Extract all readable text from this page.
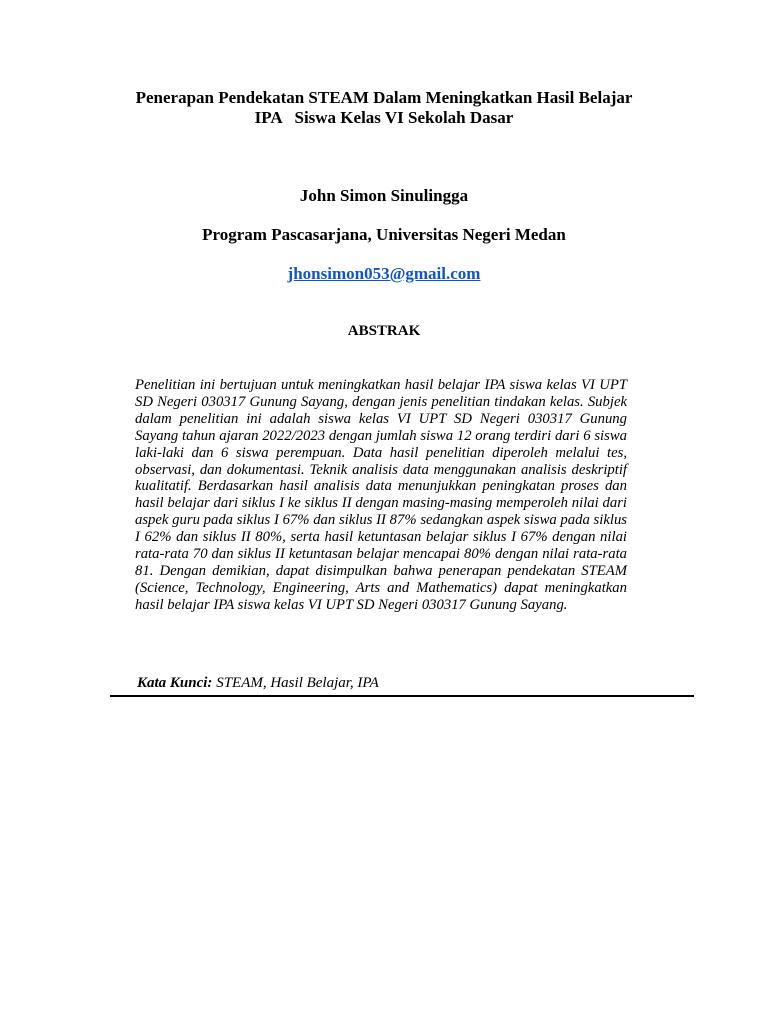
Penerapan Pendekatan STEAM Dalam Meningkatkan Hasil Belajar
IPA   Siswa Kelas VI Sekolah Dasar
John Simon Sinulingga
Program Pascasarjana, Universitas Negeri Medan
jhonsimon053@gmail.com
ABSTRAK
Penelitian ini bertujuan untuk meningkatkan hasil belajar IPA siswa kelas VI UPT SD Negeri 030317 Gunung Sayang, dengan jenis penelitian tindakan kelas. Subjek dalam penelitian ini adalah siswa kelas VI UPT SD Negeri 030317 Gunung Sayang tahun ajaran 2022/2023 dengan jumlah siswa 12 orang terdiri dari 6 siswa laki-laki dan 6 siswa perempuan. Data hasil penelitian diperoleh melalui tes, observasi, dan dokumentasi. Teknik analisis data menggunakan analisis deskriptif kualitatif. Berdasarkan hasil analisis data menunjukkan peningkatan proses dan hasil belajar dari siklus I ke siklus II dengan masing-masing memperoleh nilai dari aspek guru pada siklus I 67% dan siklus II 87% sedangkan aspek siswa pada siklus I 62% dan siklus II 80%, serta hasil ketuntasan belajar siklus I 67% dengan nilai rata-rata 70 dan siklus II ketuntasan belajar mencapai 80% dengan nilai rata-rata 81. Dengan demikian, dapat disimpulkan bahwa penerapan pendekatan STEAM (Science, Technology, Engineering, Arts and Mathematics) dapat meningkatkan hasil belajar IPA siswa kelas VI UPT SD Negeri 030317 Gunung Sayang.
Kata Kunci: STEAM, Hasil Belajar, IPA
